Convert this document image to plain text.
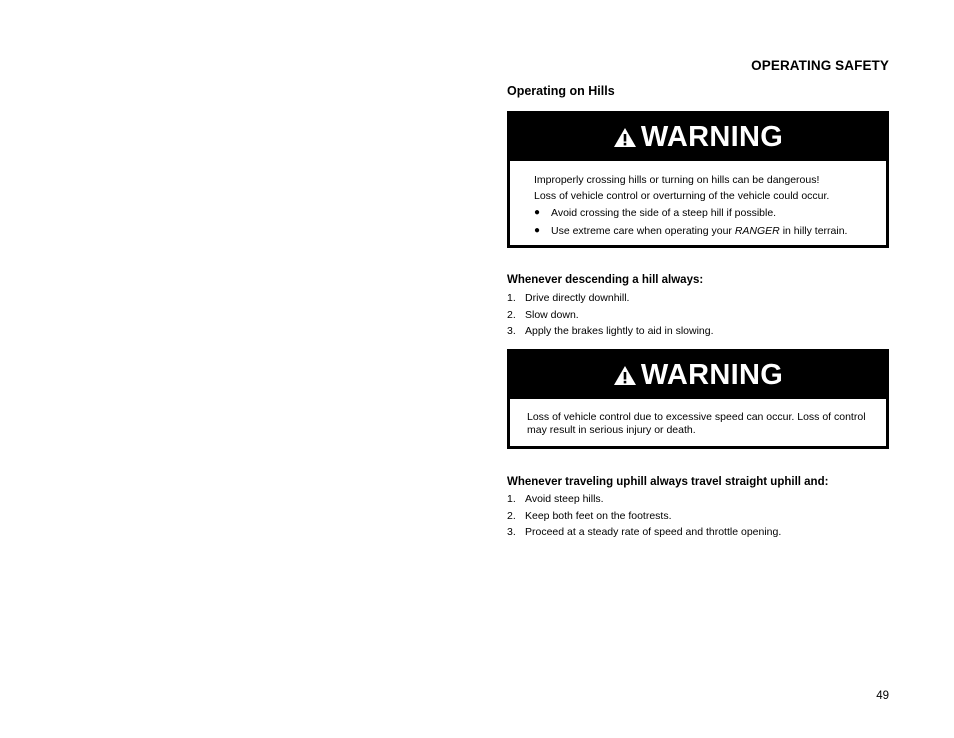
OPERATING SAFETY
Operating on Hills
WARNING
Improperly crossing hills or turning on hills can be dangerous!
Loss of vehicle control or overturning of the vehicle could occur.
●	Avoid crossing the side of a steep hill if possible.
●	Use extreme care when operating your RANGER in hilly terrain.
Whenever descending a hill always:
1. Drive directly downhill.
2. Slow down.
3. Apply the brakes lightly to aid in slowing.
WARNING
Loss of vehicle control due to excessive speed can occur. Loss of control may result in serious injury or death.
Whenever traveling uphill always travel straight uphill and:
1. Avoid steep hills.
2. Keep both feet on the footrests.
3. Proceed at a steady rate of speed and throttle opening.
49
